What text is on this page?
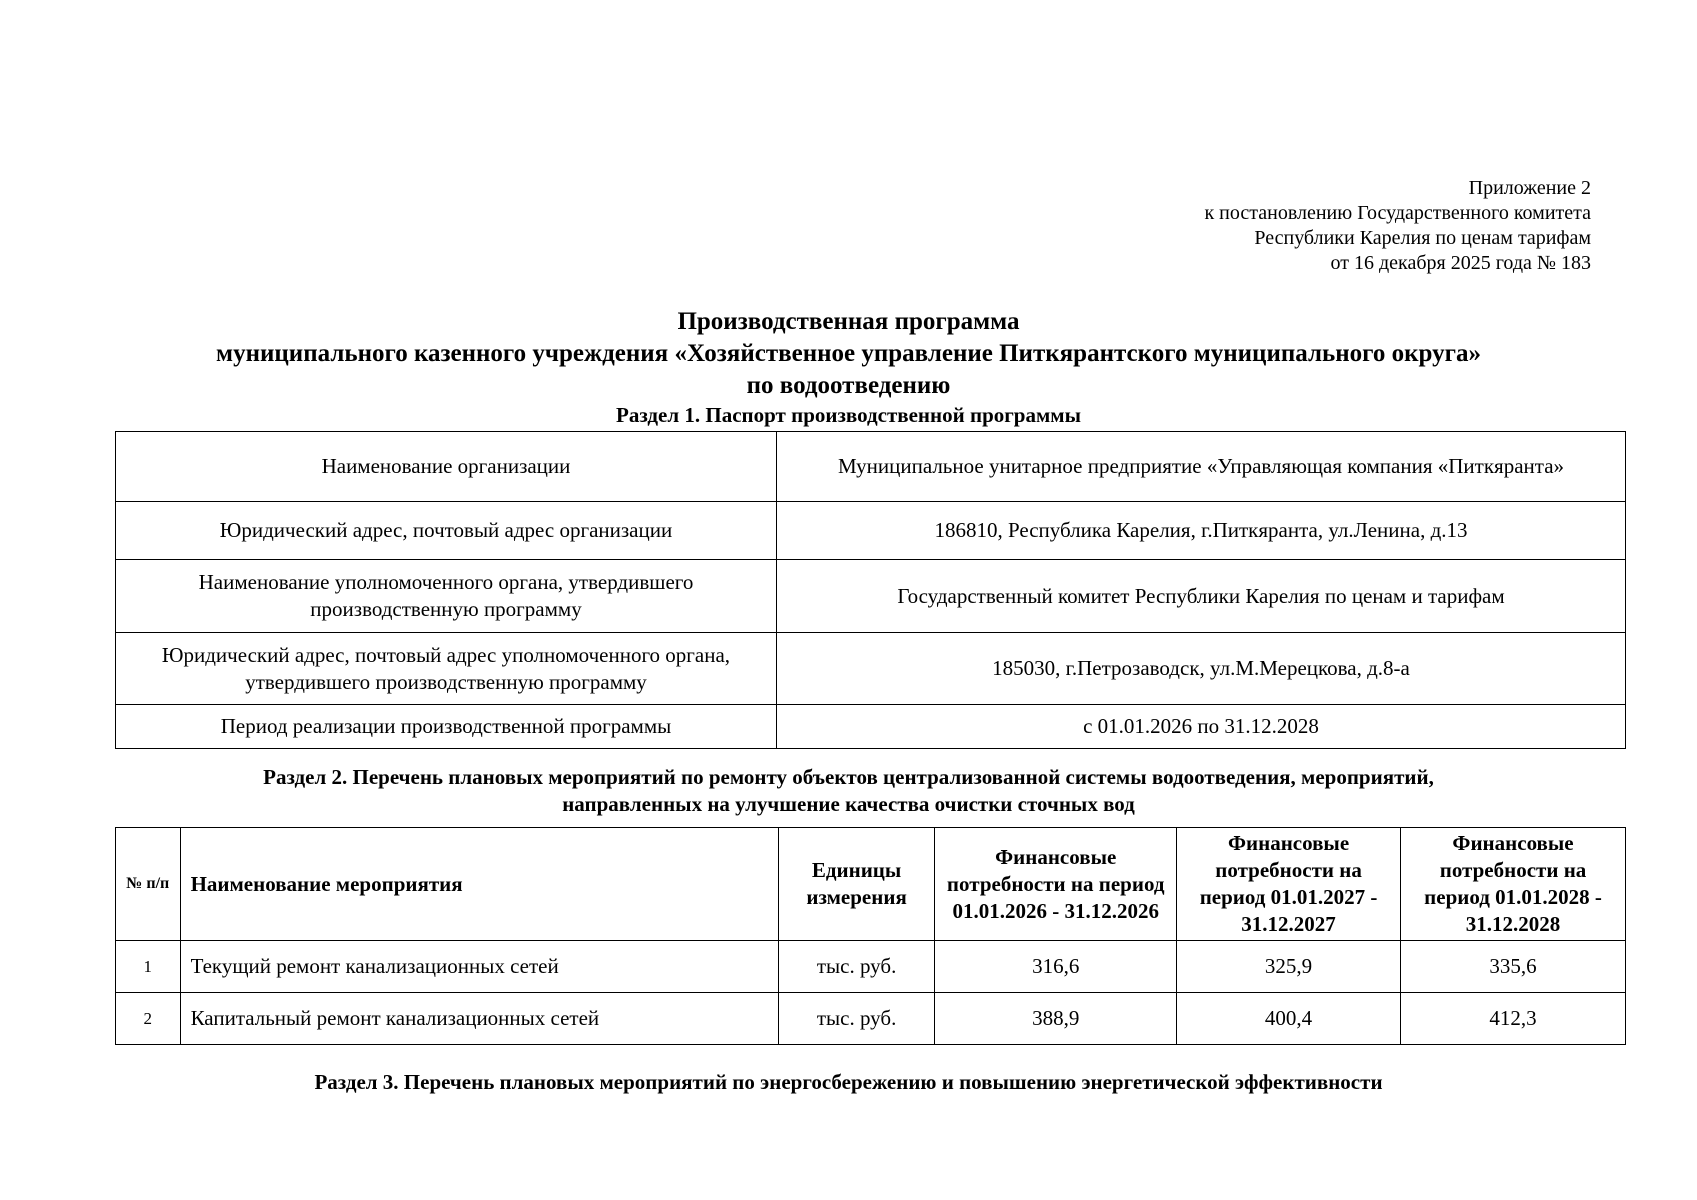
Приложение 2
к постановлению Государственного комитета
Республики Карелия по ценам тарифам
от 16 декабря 2025 года № 183
Производственная программа
муниципального казенного учреждения «Хозяйственное управление Питкярантского муниципального округа»
по водоотведению
Раздел 1. Паспорт производственной программы
Наименование организации	Муниципальное унитарное предприятие «Управляющая компания «Питкяранта»
Юридический адрес, почтовый адрес организации	186810, Республика Карелия, г.Питкяранта, ул.Ленина, д.13
Наименование уполномоченного органа, утвердившего производственную программу	Государственный комитет Республики Карелия по ценам и тарифам
Юридический адрес, почтовый адрес уполномоченного органа, утвердившего производственную программу	185030, г.Петрозаводск, ул.М.Мерецкова, д.8-а
Период реализации производственной программы	с 01.01.2026 по 31.12.2028
Раздел 2. Перечень плановых мероприятий по ремонту объектов централизованной системы водоотведения, мероприятий,
направленных на улучшение качества очистки сточных вод
№ п/п	Наименование мероприятия	Единицы измерения	Финансовые потребности на период 01.01.2026 - 31.12.2026	Финансовые потребности на период 01.01.2027 - 31.12.2027	Финансовые потребности на период 01.01.2028 - 31.12.2028
1	Текущий ремонт канализационных сетей	тыс. руб.	316,6	325,9	335,6
2	Капитальный ремонт канализационных сетей	тыс. руб.	388,9	400,4	412,3
Раздел 3. Перечень плановых мероприятий по энергосбережению и повышению энергетической эффективности
